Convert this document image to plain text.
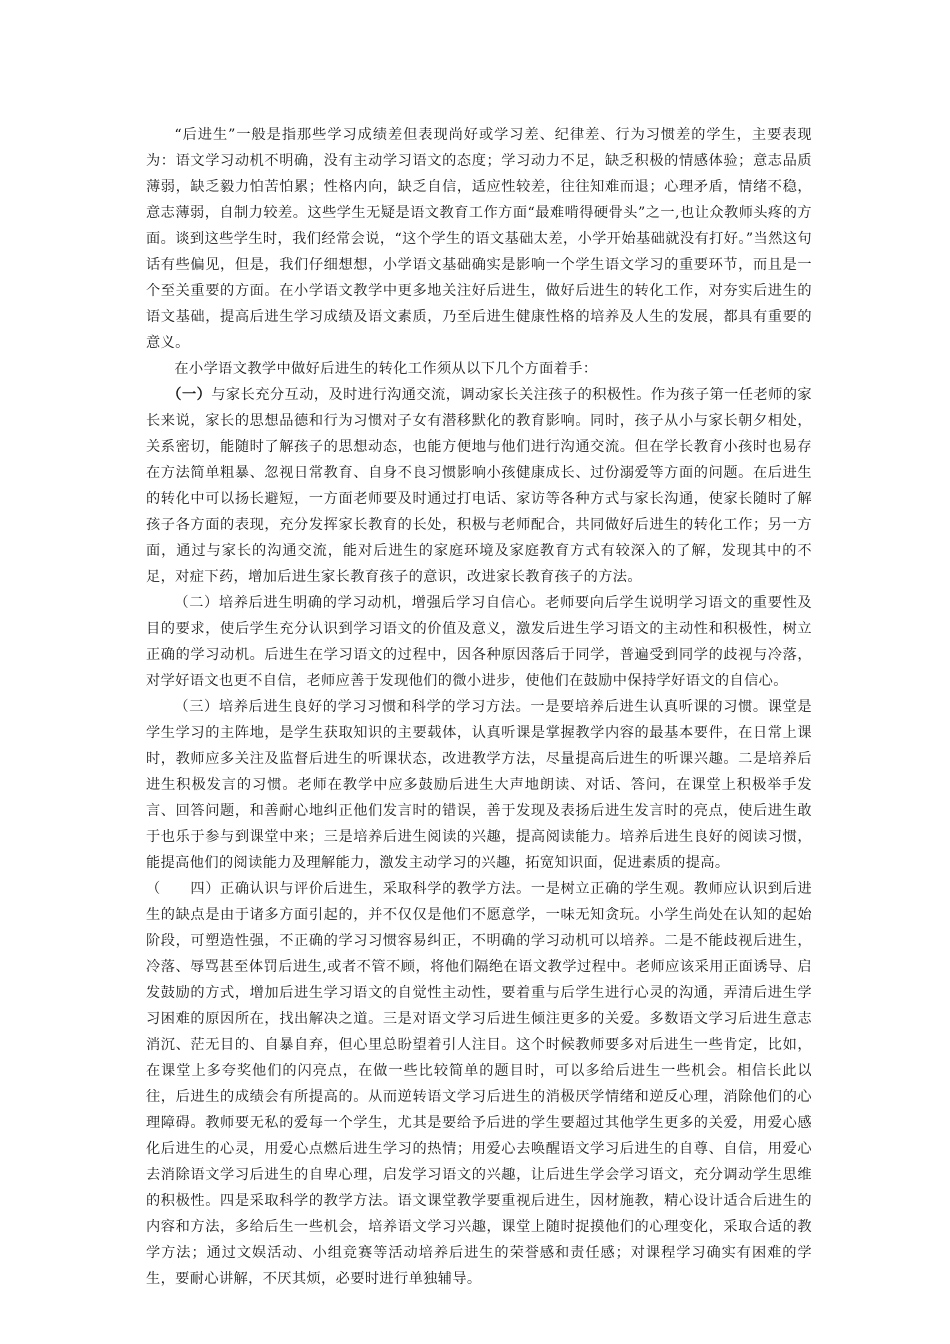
“后进生”一般是指那些学习成绩差但表现尚好或学习差、纪律差、行为习惯差的学生，主要表现为：语文学习动机不明确，没有主动学习语文的态度；学习动力不足，缺乏积极的情感体验；意志品质薄弱，缺乏毅力怕苦怕累；性格内向，缺乏自信，适应性较差，往往知难而退；心理矛盾，情绪不稳，意志薄弱，自制力较差。这些学生无疑是语文教育工作方面“最难啃得硬骨头”之一,也让众教师头疼的方面。谈到这些学生时，我们经常会说，“这个学生的语文基础太差，小学开始基础就没有打好。”当然这句话有些偏见，但是，我们仔细想想，小学语文基础确实是影响一个学生语文学习的重要环节，而且是一个至关重要的方面。在小学语文教学中更多地关注好后进生，做好后进生的转化工作，对夯实后进生的语文基础，提高后进生学习成绩及语文素质，乃至后进生健康性格的培养及人生的发展，都具有重要的意义。

在小学语文教学中做好后进生的转化工作须从以下几个方面着手：

（一）与家长充分互动，及时进行沟通交流，调动家长关注孩子的积极性。作为孩子第一任老师的家长来说，家长的思想品德和行为习惯对子女有潜移默化的教育影响。同时，孩子从小与家长朝夕相处，关系密切，能随时了解孩子的思想动态，也能方便地与他们进行沟通交流。但在学长教育小孩时也易存在方法简单粗暴、忽视日常教育、自身不良习惯影响小孩健康成长、过份溺爱等方面的问题。在后进生的转化中可以扬长避短，一方面老师要及时通过打电话、家访等各种方式与家长沟通，使家长随时了解孩子各方面的表现，充分发挥家长教育的长处，积极与老师配合，共同做好后进生的转化工作；另一方面，通过与家长的沟通交流，能对后进生的家庭环境及家庭教育方式有较深入的了解，发现其中的不足，对症下药，增加后进生家长教育孩子的意识，改进家长教育孩子的方法。

（二）培养后进生明确的学习动机，增强后学习自信心。老师要向后学生说明学习语文的重要性及目的要求，使后学生充分认识到学习语文的价值及意义，激发后进生学习语文的主动性和积极性，树立正确的学习动机。后进生在学习语文的过程中，因各种原因落后于同学，普遍受到同学的歧视与冷落，对学好语文也更不自信，老师应善于发现他们的微小进步，使他们在鼓励中保持学好语文的自信心。

（三）培养后进生良好的学习习惯和科学的学习方法。一是要培养后进生认真听课的习惯。课堂是学生学习的主阵地，是学生获取知识的主要载体，认真听课是掌握教学内容的最基本要件，在日常上课时，教师应多关注及监督后进生的听课状态，改进教学方法，尽量提高后进生的听课兴趣。二是培养后进生积极发言的习惯。老师在教学中应多鼓励后进生大声地朗读、对话、答问，在课堂上积极举手发言、回答问题，和善耐心地纠正他们发言时的错误，善于发现及表扬后进生发言时的亮点，使后进生敢于也乐于参与到课堂中来；三是培养后进生阅读的兴趣，提高阅读能力。培养后进生良好的阅读习惯，能提高他们的阅读能力及理解能力，激发主动学习的兴趣，拓宽知识面，促进素质的提高。

（　　四）正确认识与评价后进生，采取科学的教学方法。一是树立正确的学生观。教师应认识到后进生的缺点是由于诸多方面引起的，并不仅仅是他们不愿意学，一味无知贪玩。小学生尚处在认知的起始阶段，可塑造性强，不正确的学习习惯容易纠正，不明确的学习动机可以培养。二是不能歧视后进生，冷落、辱骂甚至体罚后进生,或者不管不顾，将他们隔绝在语文教学过程中。老师应该采用正面诱导、启发鼓励的方式，增加后进生学习语文的自觉性主动性，要着重与后学生进行心灵的沟通，弄清后进生学习困难的原因所在，找出解决之道。三是对语文学习后进生倾注更多的关爱。多数语文学习后进生意志消沉、茫无目的、自暴自弃，但心里总盼望着引人注目。这个时候教师要多对后进生一些肯定，比如，在课堂上多夸奖他们的闪亮点，在做一些比较简单的题目时，可以多给后进生一些机会。相信长此以往，后进生的成绩会有所提高的。从而逆转语文学习后进生的消极厌学情绪和逆反心理，消除他们的心理障碍。教师要无私的爱每一个学生，尤其是要给予后进的学生要超过其他学生更多的关爱，用爱心感化后进生的心灵，用爱心点燃后进生学习的热情；用爱心去唤醒语文学习后进生的自尊、自信，用爱心去消除语文学习后进生的自卑心理，启发学习语文的兴趣，让后进生学会学习语文，充分调动学生思维的积极性。四是采取科学的教学方法。语文课堂教学要重视后进生，因材施教，精心设计适合后进生的内容和方法，多给后生一些机会，培养语文学习兴趣，课堂上随时捉摸他们的心理变化，采取合适的教学方法；通过文娱活动、小组竞赛等活动培养后进生的荣誉感和责任感；对课程学习确实有困难的学生，要耐心讲解，不厌其烦，必要时进行单独辅导。
